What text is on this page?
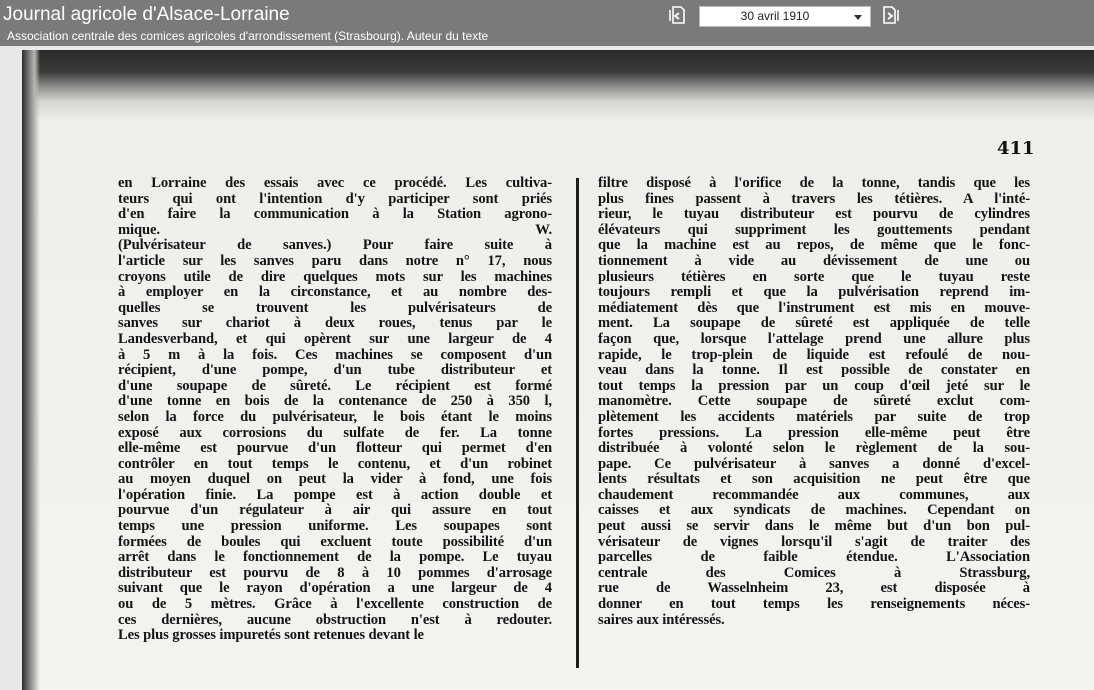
Journal agricole d'Alsace-Lorraine
Association centrale des comices agricoles d'arrondissement (Strasbourg). Auteur du texte
30 avril 1910
411
en Lorraine des essais avec ce procédé. Les cultiva-
teurs qui ont l'intention d'y participer sont priés
d'en faire la communication à la Station agrono-
mique. W.
(Pulvérisateur de sanves.) Pour faire suite à
l'article sur les sanves paru dans notre n° 17, nous
croyons utile de dire quelques mots sur les machines
à employer en la circonstance, et au nombre des-
quelles se trouvent les pulvérisateurs de
sanves sur chariot à deux roues, tenus par le
Landesverband, et qui opèrent sur une largeur de 4
à 5 m à la fois. Ces machines se composent d'un
récipient, d'une pompe, d'un tube distributeur et
d'une soupape de sûreté. Le récipient est formé
d'une tonne en bois de la contenance de 250 à 350 l,
selon la force du pulvérisateur, le bois étant le moins
exposé aux corrosions du sulfate de fer. La tonne
elle-même est pourvue d'un flotteur qui permet d'en
contrôler en tout temps le contenu, et d'un robinet
au moyen duquel on peut la vider à fond, une fois
l'opération finie. La pompe est à action double et
pourvue d'un régulateur à air qui assure en tout
temps une pression uniforme. Les soupapes sont
formées de boules qui excluent toute possibilité d'un
arrêt dans le fonctionnement de la pompe. Le tuyau
distributeur est pourvu de 8 à 10 pommes d'arrosage
suivant que le rayon d'opération a une largeur de 4
ou de 5 mètres. Grâce à l'excellente construction de
ces dernières, aucune obstruction n'est à redouter.
Les plus grosses impuretés sont retenues devant le
filtre disposé à l'orifice de la tonne, tandis que les
plus fines passent à travers les tétières. A l'inté-
rieur, le tuyau distributeur est pourvu de cylindres
élévateurs qui suppriment les gouttements pendant
que la machine est au repos, de même que le fonc-
tionnement à vide au dévissement de une ou
plusieurs tétières en sorte que le tuyau reste
toujours rempli et que la pulvérisation reprend im-
médiatement dès que l'instrument est mis en mouve-
ment. La soupape de sûreté est appliquée de telle
façon que, lorsque l'attelage prend une allure plus
rapide, le trop-plein de liquide est refoulé de nou-
veau dans la tonne. Il est possible de constater en
tout temps la pression par un coup d'œil jeté sur le
manomètre. Cette soupape de sûreté exclut com-
plètement les accidents matériels par suite de trop
fortes pressions. La pression elle-même peut être
distribuée à volonté selon le règlement de la sou-
pape. Ce pulvérisateur à sanves a donné d'excel-
lents résultats et son acquisition ne peut être que
chaudement recommandée aux communes, aux
caisses et aux syndicats de machines. Cependant on
peut aussi se servir dans le même but d'un bon pul-
vérisateur de vignes lorsqu'il s'agit de traiter des
parcelles de faible étendue. L'Association
centrale des Comices à Strassburg,
rue de Wasselnheim 23, est disposée à
donner en tout temps les renseignements néces-
saires aux intéressés.
